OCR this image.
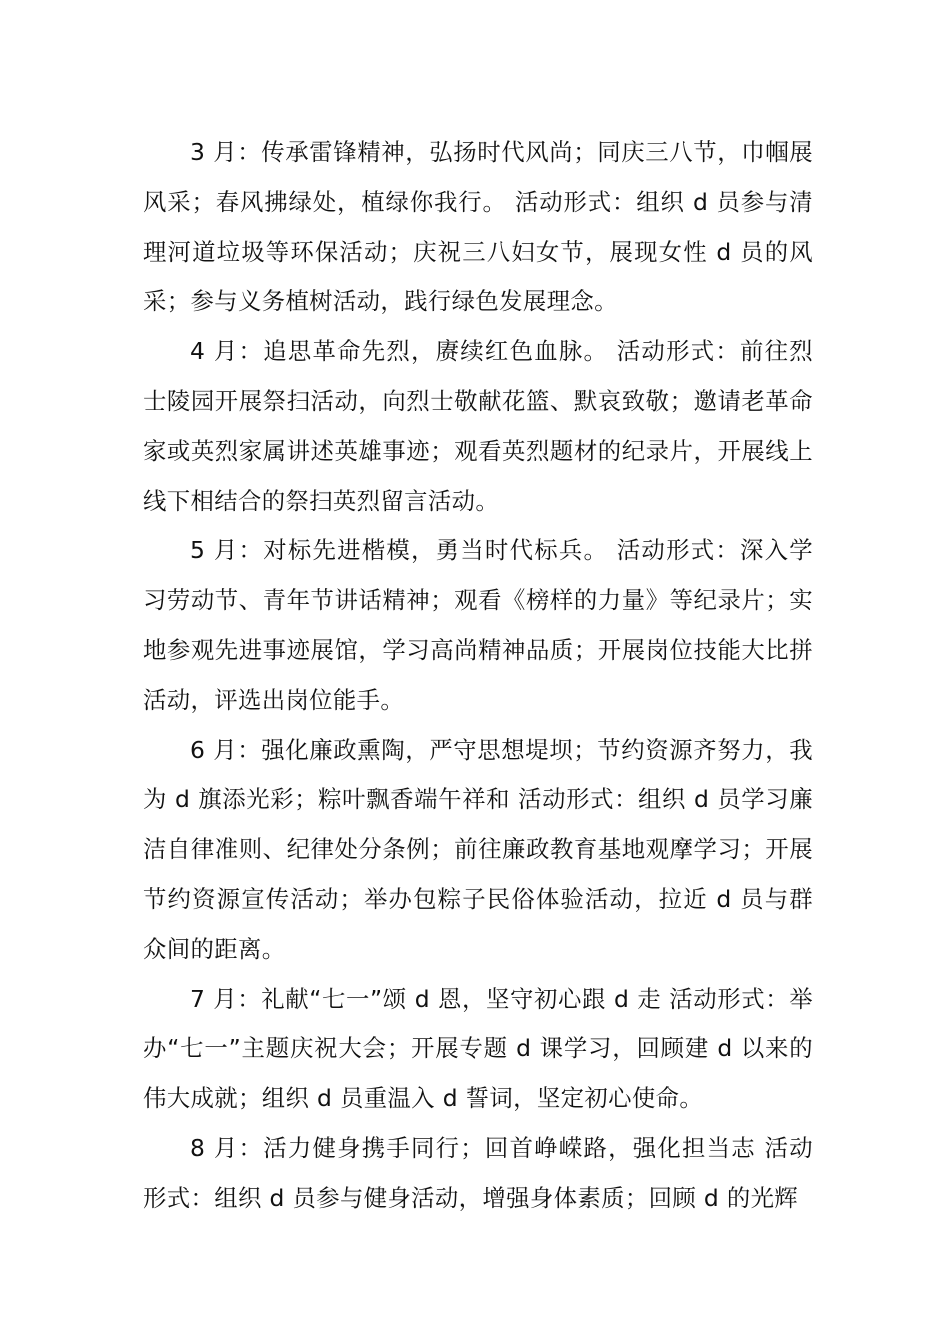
3 月：传承雷锋精神，弘扬时代风尚；同庆三八节，巾帼展风采；春风拂绿处，植绿你我行。 活动形式：组织 d 员参与清理河道垃圾等环保活动；庆祝三八妇女节，展现女性 d 员的风采；参与义务植树活动，践行绿色发展理念。

4 月：追思革命先烈，赓续红色血脉。 活动形式：前往烈士陵园开展祭扫活动，向烈士敬献花篮、默哀致敬；邀请老革命家或英烈家属讲述英雄事迹；观看英烈题材的纪录片，开展线上线下相结合的祭扫英烈留言活动。

5 月：对标先进楷模，勇当时代标兵。 活动形式：深入学习劳动节、青年节讲话精神；观看《榜样的力量》等纪录片；实地参观先进事迹展馆，学习高尚精神品质；开展岗位技能大比拼活动，评选出岗位能手。

6 月：强化廉政熏陶，严守思想堤坝；节约资源齐努力，我为 d 旗添光彩；粽叶飘香端午祥和 活动形式：组织 d 员学习廉洁自律准则、纪律处分条例；前往廉政教育基地观摩学习；开展节约资源宣传活动；举办包粽子民俗体验活动，拉近 d 员与群众间的距离。

7 月：礼献“七一”颂 d 恩，坚守初心跟 d 走 活动形式：举办“七一”主题庆祝大会；开展专题 d 课学习，回顾建 d 以来的伟大成就；组织 d 员重温入 d 誓词，坚定初心使命。

8 月：活力健身携手同行；回首峥嵘路，强化担当志 活动形式：组织 d 员参与健身活动，增强身体素质；回顾 d 的光辉
